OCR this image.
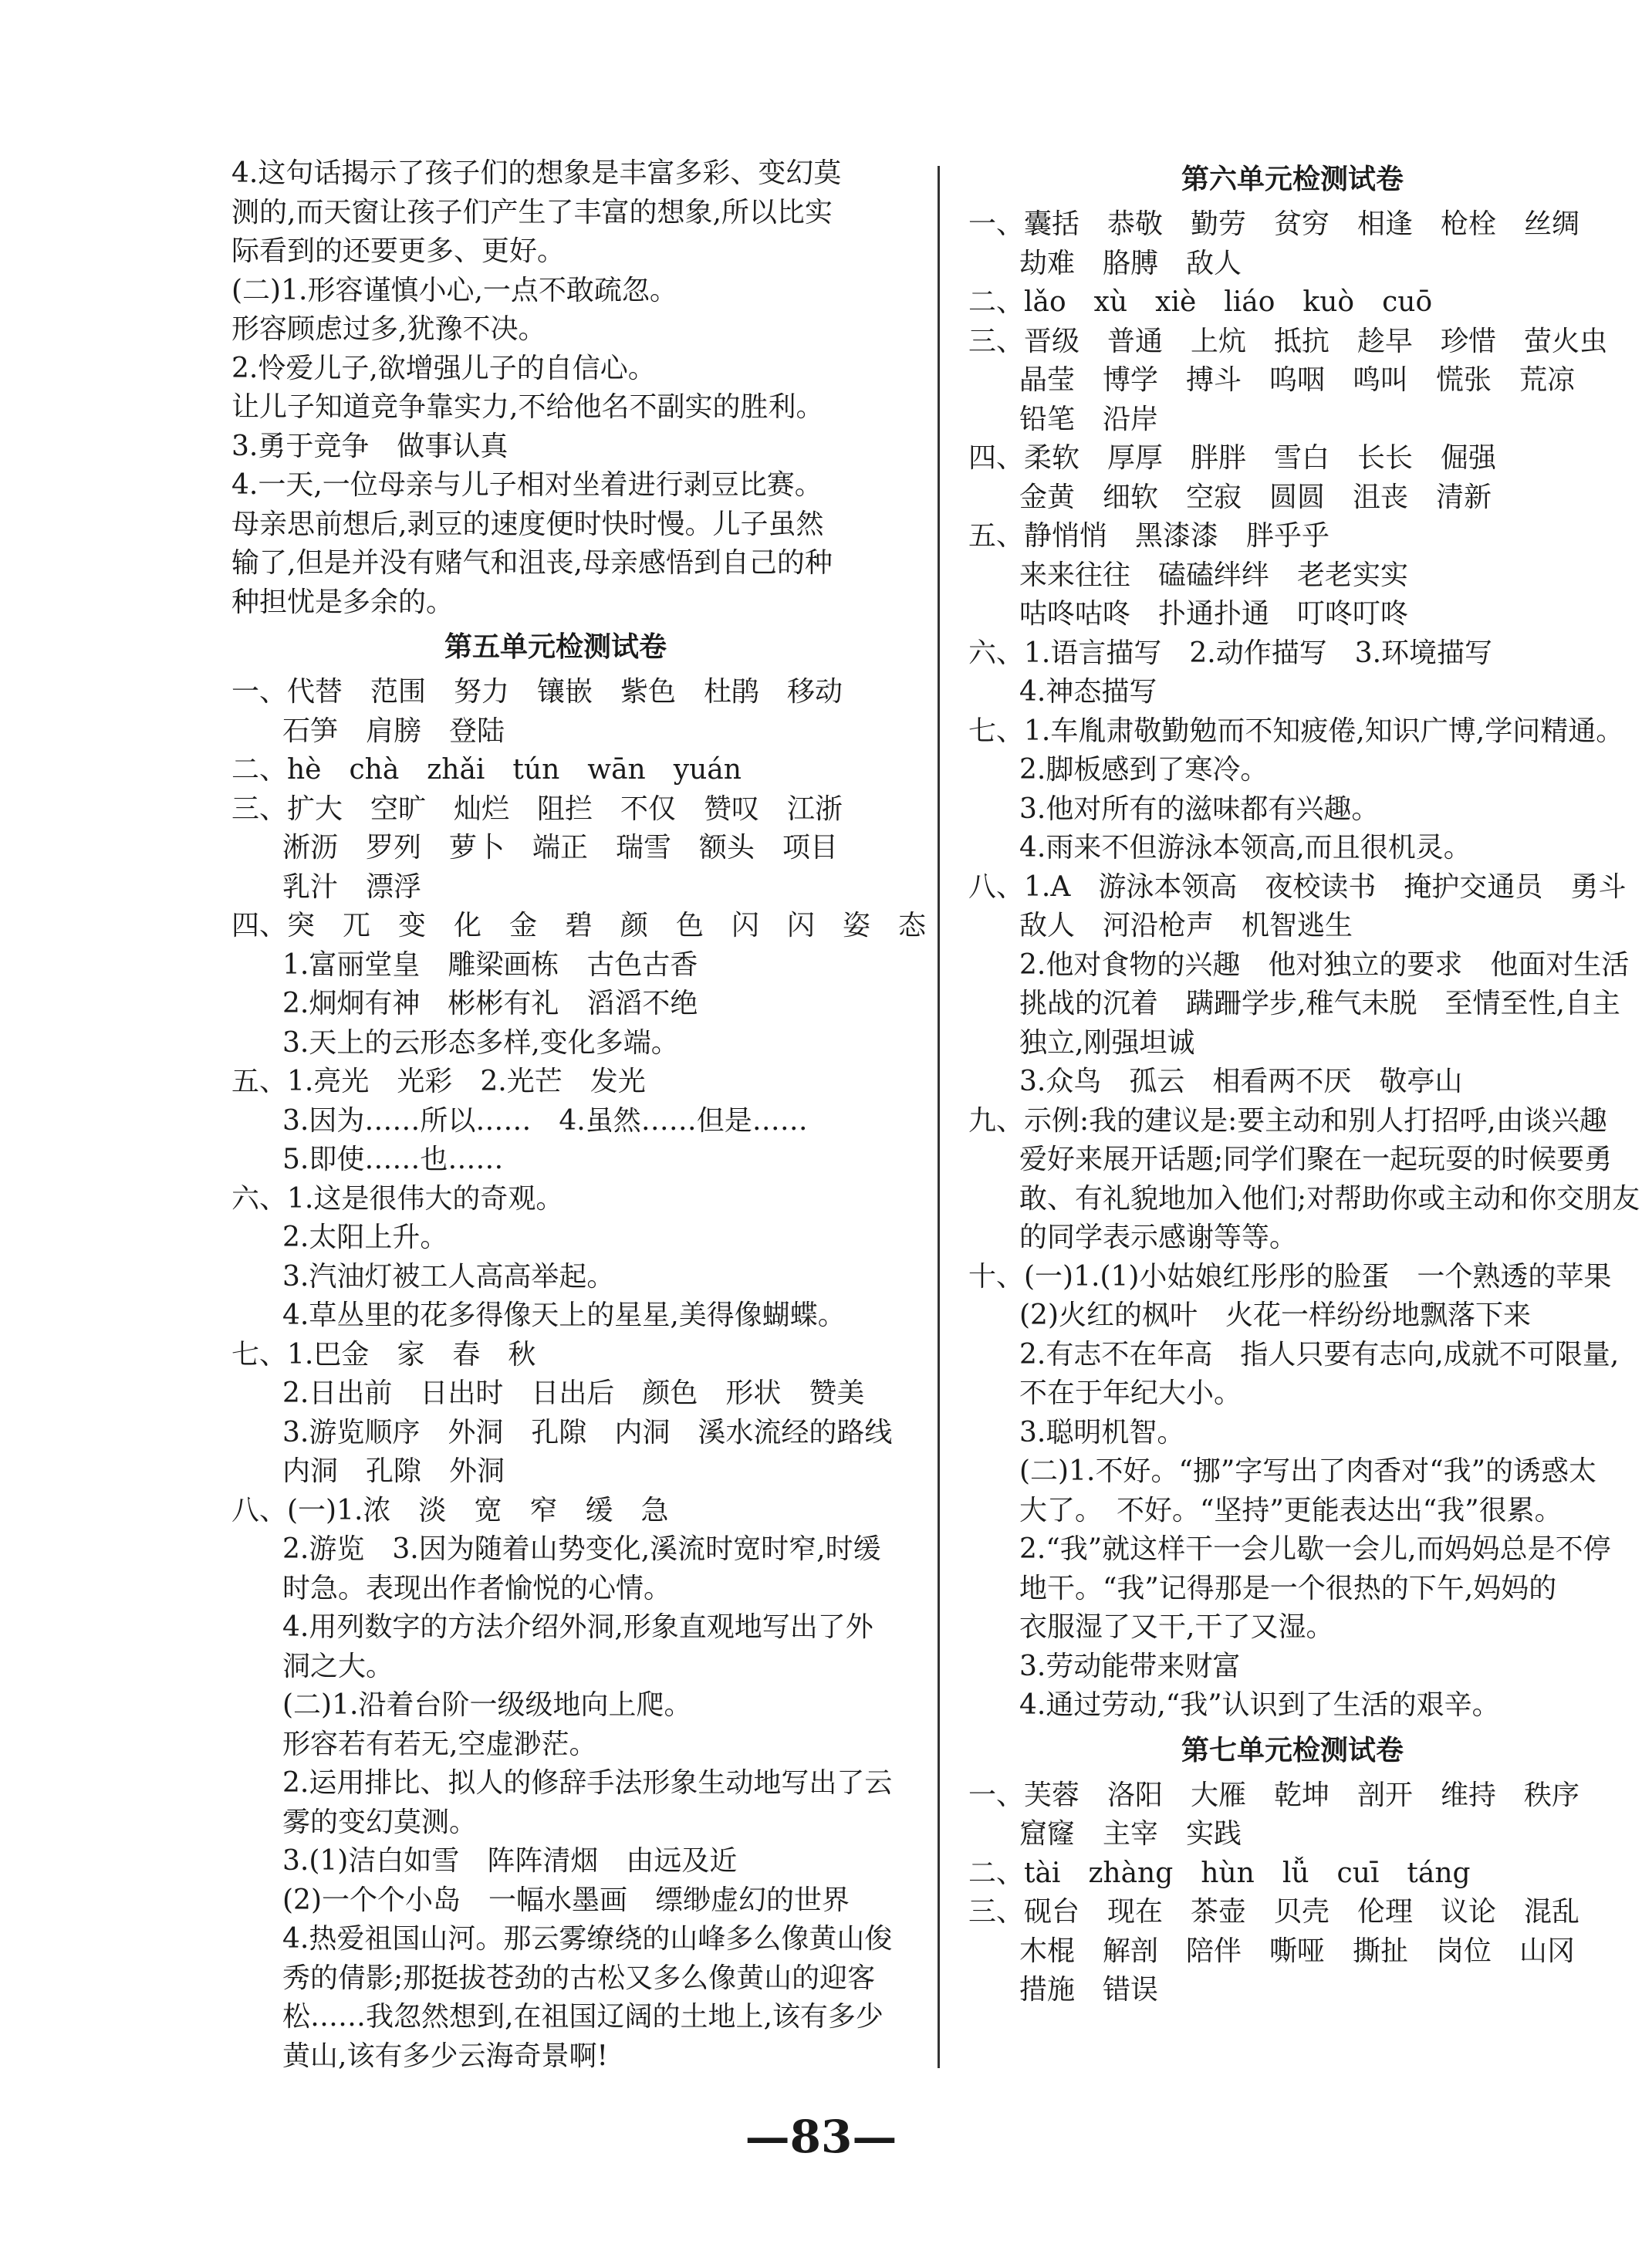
4.这句话揭示了孩子们的想象是丰富多彩、变幻莫
测的,而天窗让孩子们产生了丰富的想象,所以比实
际看到的还要更多、更好。
(二)1.形容谨慎小心,一点不敢疏忽。
形容顾虑过多,犹豫不决。
2.怜爱儿子,欲增强儿子的自信心。
让儿子知道竞争靠实力,不给他名不副实的胜利。
3.勇于竞争　做事认真
4.一天,一位母亲与儿子相对坐着进行剥豆比赛。
母亲思前想后,剥豆的速度便时快时慢。儿子虽然
输了,但是并没有赌气和沮丧,母亲感悟到自己的种
种担忧是多余的。
第五单元检测试卷
一、代替　范围　努力　镶嵌　紫色　杜鹃　移动
石笋　肩膀　登陆
二、hè　chà　zhǎi　tún　wān　yuán
三、扩大　空旷　灿烂　阻拦　不仅　赞叹　江浙
淅沥　罗列　萝卜　端正　瑞雪　额头　项目
乳汁　漂浮
四、突　兀　变　化　金　碧　颜　色　闪　闪　姿　态
1.富丽堂皇　雕梁画栋　古色古香
2.炯炯有神　彬彬有礼　滔滔不绝
3.天上的云形态多样,变化多端。
五、1.亮光　光彩　2.光芒　发光
3.因为……所以……　4.虽然……但是……
5.即使……也……
六、1.这是很伟大的奇观。
2.太阳上升。
3.汽油灯被工人高高举起。
4.草丛里的花多得像天上的星星,美得像蝴蝶。
七、1.巴金　家　春　秋
2.日出前　日出时　日出后　颜色　形状　赞美
3.游览顺序　外洞　孔隙　内洞　溪水流经的路线
内洞　孔隙　外洞
八、(一)1.浓　淡　宽　窄　缓　急
2.游览　3.因为随着山势变化,溪流时宽时窄,时缓
时急。表现出作者愉悦的心情。
4.用列数字的方法介绍外洞,形象直观地写出了外
洞之大。
(二)1.沿着台阶一级级地向上爬。
形容若有若无,空虚渺茫。
2.运用排比、拟人的修辞手法形象生动地写出了云
雾的变幻莫测。
3.(1)洁白如雪　阵阵清烟　由远及近
(2)一个个小岛　一幅水墨画　缥缈虚幻的世界
4.热爱祖国山河。那云雾缭绕的山峰多么像黄山俊
秀的倩影;那挺拔苍劲的古松又多么像黄山的迎客
松……我忽然想到,在祖国辽阔的土地上,该有多少
黄山,该有多少云海奇景啊!
第六单元检测试卷
一、囊括　恭敬　勤劳　贫穷　相逢　枪栓　丝绸
劫难　胳膊　敌人
二、lǎo　xù　xiè　liáo　kuò　cuō
三、晋级　普通　上炕　抵抗　趁早　珍惜　萤火虫
晶莹　博学　搏斗　呜咽　鸣叫　慌张　荒凉
铅笔　沿岸
四、柔软　厚厚　胖胖　雪白　长长　倔强
金黄　细软　空寂　圆圆　沮丧　清新
五、静悄悄　黑漆漆　胖乎乎
来来往往　磕磕绊绊　老老实实
咕咚咕咚　扑通扑通　叮咚叮咚
六、1.语言描写　2.动作描写　3.环境描写
4.神态描写
七、1.车胤肃敬勤勉而不知疲倦,知识广博,学问精通。
2.脚板感到了寒冷。
3.他对所有的滋味都有兴趣。
4.雨来不但游泳本领高,而且很机灵。
八、1.A　游泳本领高　夜校读书　掩护交通员　勇斗
敌人　河沿枪声　机智逃生
2.他对食物的兴趣　他对独立的要求　他面对生活
挑战的沉着　蹒跚学步,稚气未脱　至情至性,自主
独立,刚强坦诚
3.众鸟　孤云　相看两不厌　敬亭山
九、示例:我的建议是:要主动和别人打招呼,由谈兴趣
爱好来展开话题;同学们聚在一起玩耍的时候要勇
敢、有礼貌地加入他们;对帮助你或主动和你交朋友
的同学表示感谢等等。
十、(一)1.(1)小姑娘红彤彤的脸蛋　一个熟透的苹果
(2)火红的枫叶　火花一样纷纷地飘落下来
2.有志不在年高　指人只要有志向,成就不可限量,
不在于年纪大小。
3.聪明机智。
(二)1.不好。“挪”字写出了肉香对“我”的诱惑太
大了。　不好。“坚持”更能表达出“我”很累。
2.“我”就这样干一会儿歇一会儿,而妈妈总是不停
地干。“我”记得那是一个很热的下午,妈妈的
衣服湿了又干,干了又湿。
3.劳动能带来财富
4.通过劳动,“我”认识到了生活的艰辛。
第七单元检测试卷
一、芙蓉　洛阳　大雁　乾坤　剖开　维持　秩序
窟窿　主宰　实践
二、tài　zhàng　hùn　lǚ　cuī　táng
三、砚台　现在　茶壶　贝壳　伦理　议论　混乱
木棍　解剖　陪伴　嘶哑　撕扯　岗位　山冈
措施　错误
—83—
